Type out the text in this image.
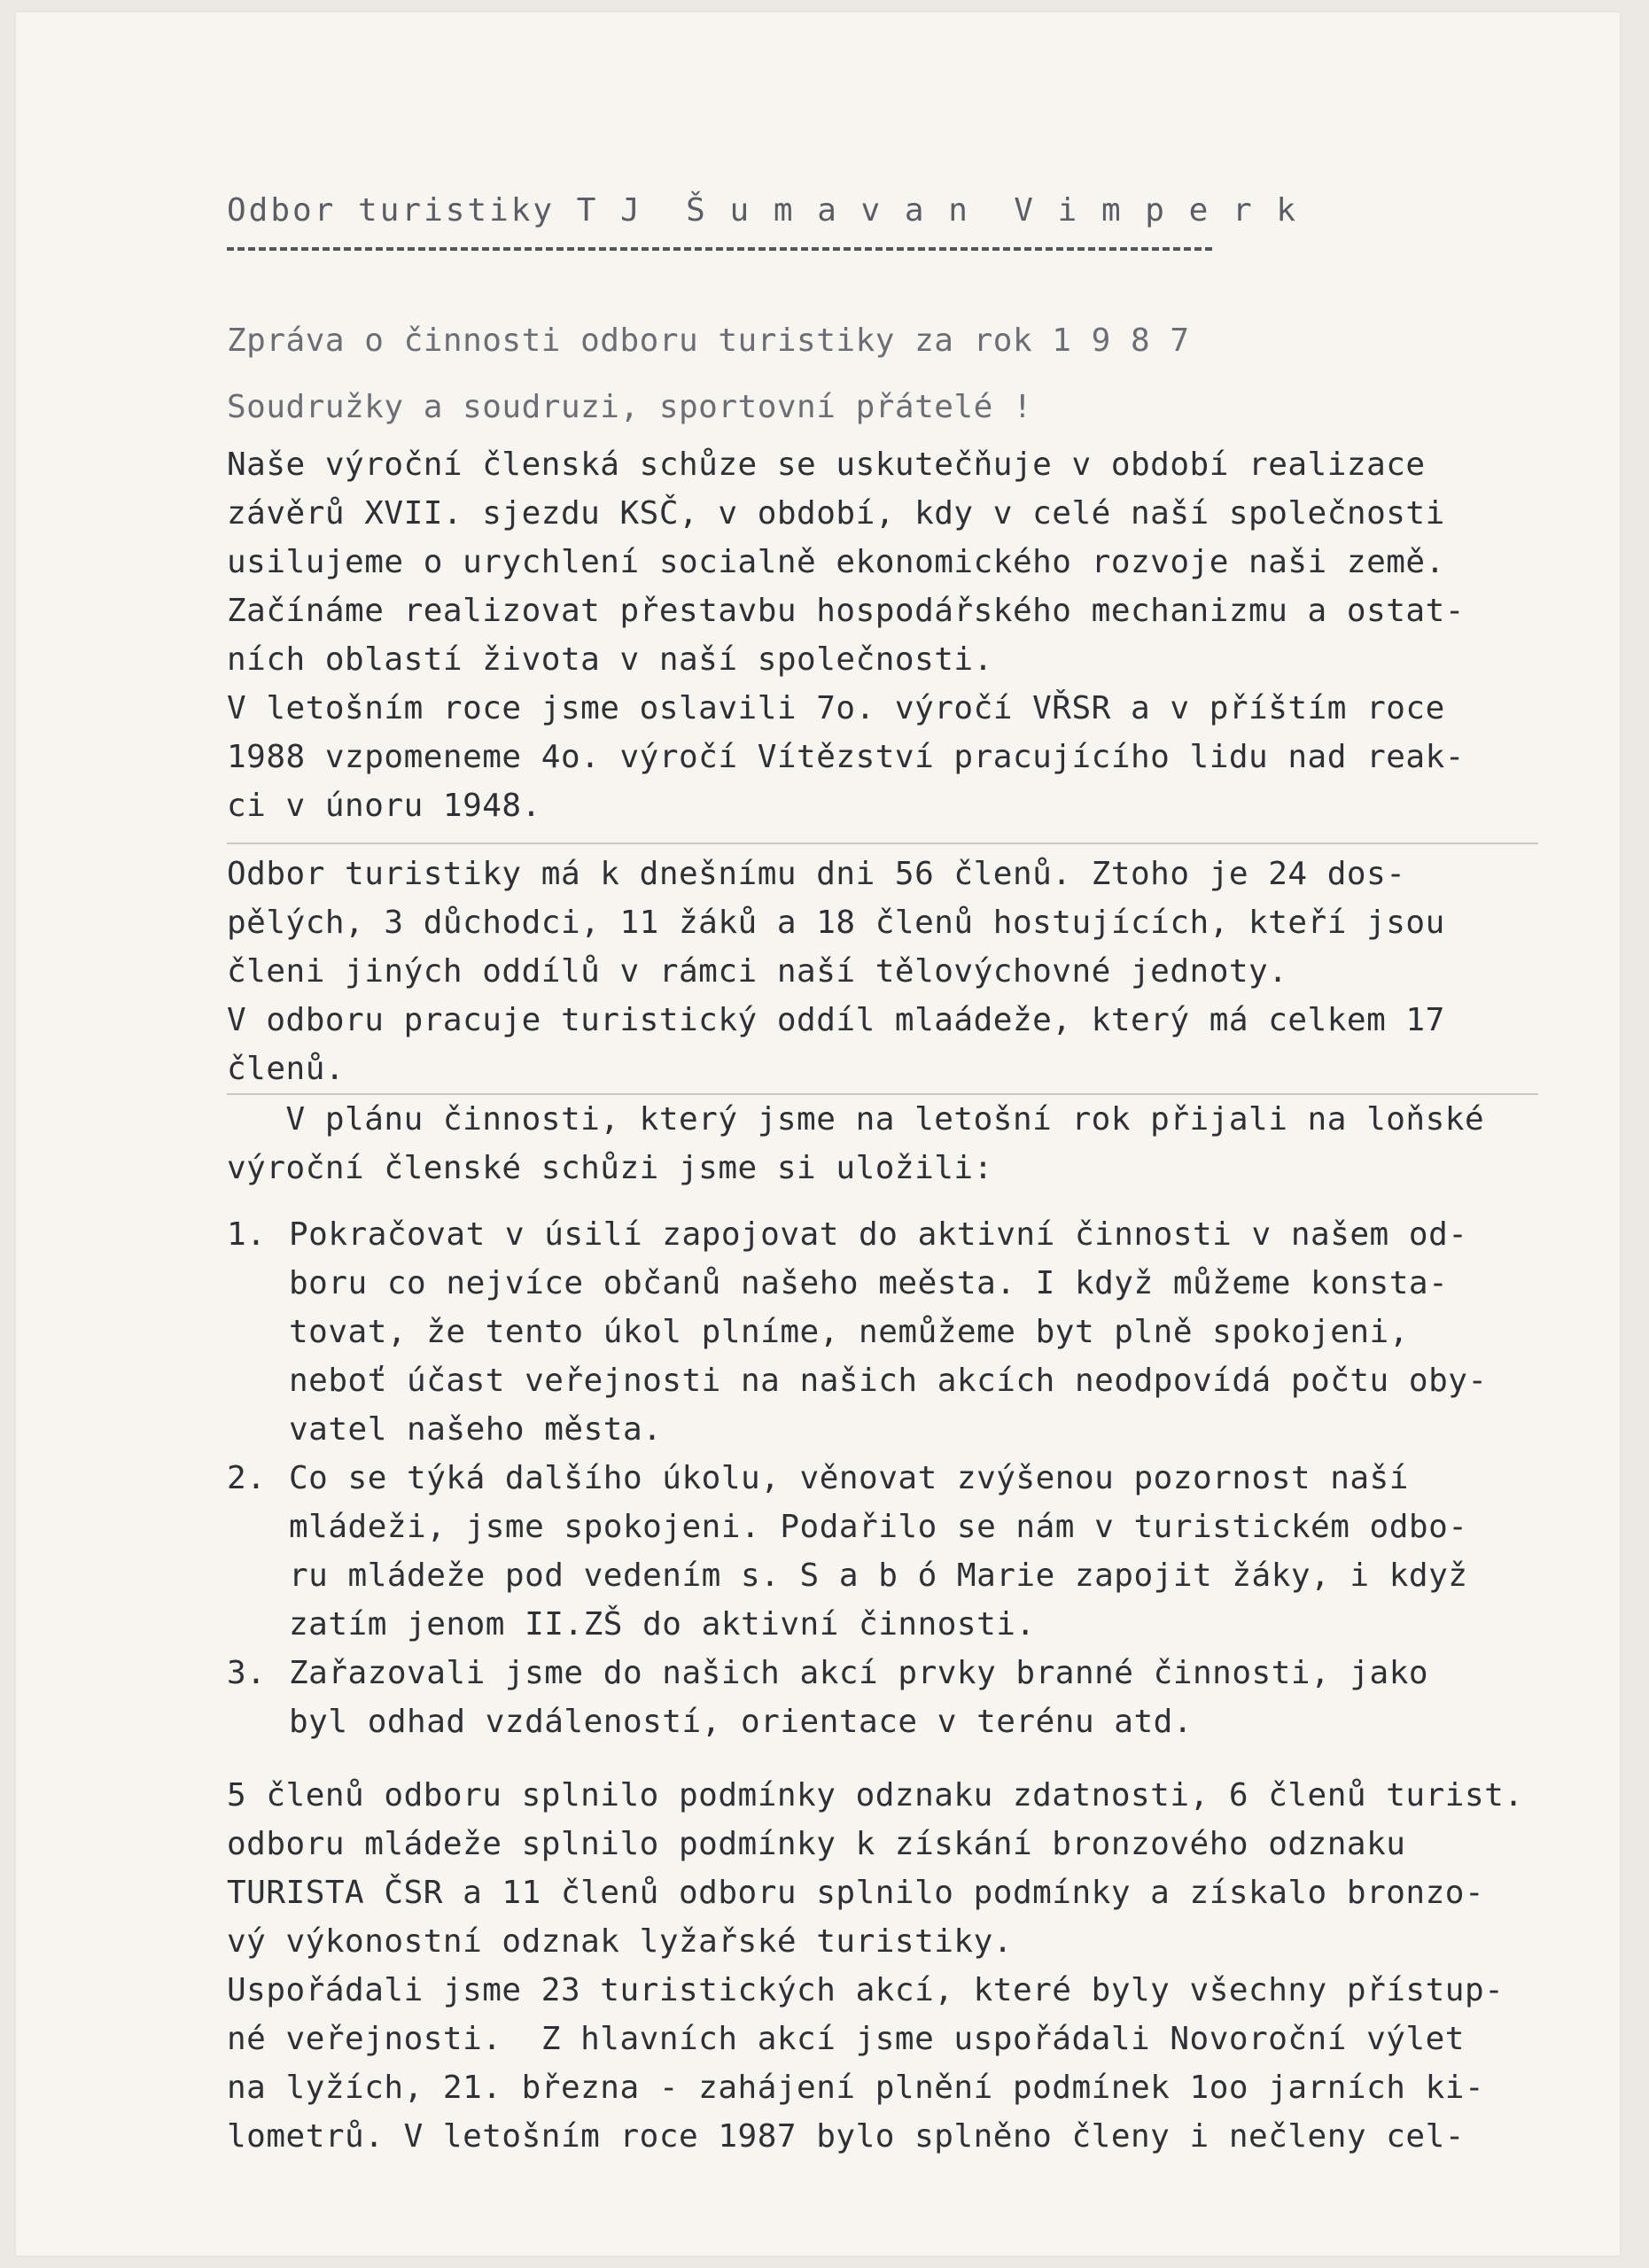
Odbor turistiky T J  Š u m a v a n  V i m p e r k
Zpráva o činnosti odboru turistiky za rok 1 9 8 7
Soudružky a soudruzi, sportovní přátelé !
Naše výroční členská schůze se uskutečňuje v období realizace
závěrů XVII. sjezdu KSČ, v období, kdy v celé naší společnosti
usilujeme o urychlení socialně ekonomického rozvoje naši země.
Začínáme realizovat přestavbu hospodářského mechanizmu a ostat-
ních oblastí života v naší společnosti.
V letošním roce jsme oslavili 7o. výročí VŘSR a v příštím roce
1988 vzpomeneme 4o. výročí Vítězství pracujícího lidu nad reak-
ci v únoru 1948.
Odbor turistiky má k dnešnímu dni 56 členů. Ztoho je 24 dos-
pělých, 3 důchodci, 11 žáků a 18 členů hostujících, kteří jsou
členi jiných oddílů v rámci naší tělovýchovné jednoty.
V odboru pracuje turistický oddíl mlaádeže, který má celkem 17
členů.
V plánu činnosti, který jsme na letošní rok přijali na loňské
výroční členské schůzi jsme si uložili:
1. Pokračovat v úsilí zapojovat do aktivní činnosti v našem od-
boru co nejvíce občanů našeho meěsta. I když můžeme konsta-
tovat, že tento úkol plníme, nemůžeme byt plně spokojeni,
neboť účast veřejnosti na našich akcích neodpovídá počtu oby-
vatel našeho města.
2. Co se týká dalšího úkolu, věnovat zvýšenou pozornost naší
mládeži, jsme spokojeni. Podařilo se nám v turistickém odbo-
ru mládeže pod vedením s. S a b ó Marie zapojit žáky, i když
zatím jenom II.ZŠ do aktivní činnosti.
3. Zařazovali jsme do našich akcí prvky branné činnosti, jako
byl odhad vzdáleností, orientace v terénu atd.
5 členů odboru splnilo podmínky odznaku zdatnosti, 6 členů turist.
odboru mládeže splnilo podmínky k získání bronzového odznaku
TURISTA ČSR a 11 členů odboru splnilo podmínky a získalo bronzo-
vý výkonostní odznak lyžařské turistiky.
Uspořádali jsme 23 turistických akcí, které byly všechny přístup-
né veřejnosti.  Z hlavních akcí jsme uspořádali Novoroční výlet
na lyžích, 21. března - zahájení plnění podmínek 1oo jarních ki-
lometrů. V letošním roce 1987 bylo splněno členy i nečleny cel-
